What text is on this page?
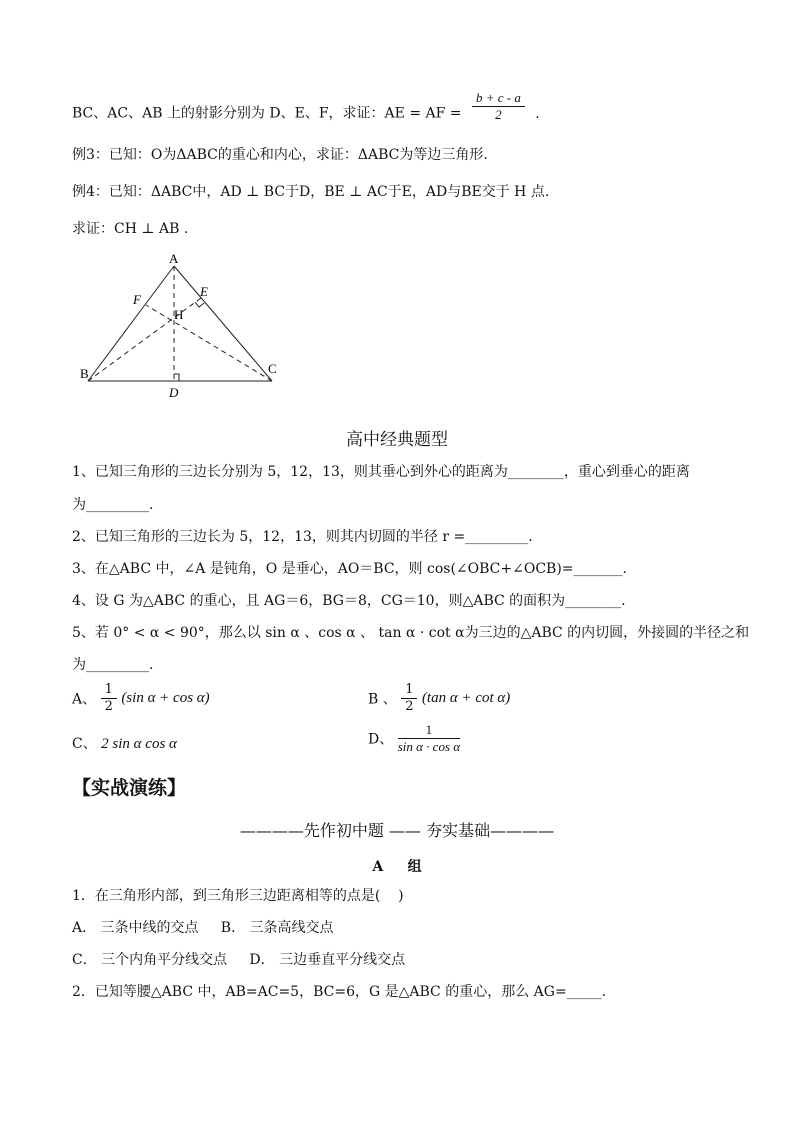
BC、AC、AB 上的射影分别为 D、E、F，求证：AE = AF = $\frac{b + c - a}{2}$ .
例3：已知：O为ΔABC的重心和内心，求证：ΔABC为等边三角形.
例4：已知：ΔABC中，AD ⊥ BC于D，BE ⊥ AC于E，AD与BE交于 H 点.
求证：CH ⊥ AB .
A
B	C
D
E
F
H
高中经典题型
1、已知三角形的三边长分别为 5，12，13，则其垂心到外心的距离为________，重心到垂心的距离
为_________.
2、已知三角形的三边长为 5，12，13，则其内切圆的半径 r =_________.
3、在△ABC 中，∠A 是钝角，O 是垂心，AO＝BC，则 cos(∠OBC+∠OCB)=_______.
4、设 G 为△ABC 的重心，且 AG＝6，BG＝8，CG＝10，则△ABC 的面积为________.
5、若 0° < α < 90°，那么以 sin α 、cos α 、 tan α · cot α为三边的△ABC 的内切圆，外接圆的半径之和
为_________.
A、 $\frac{1}{2} (\sin$ α + cos α)	B 、 $\frac{1}{2} (\tan$ α + cot α)
C、 2 sin α cos α	D、 $\frac{1}{\text{sin α · cos α}}$
【实战演练】
————先作初中题 —— 夯实基础————
A     组
1．在三角形内部，到三角形三边距离相等的点是(    )
A． 三条中线的交点     B． 三条高线交点
C． 三个内角平分线交点     D． 三边垂直平分线交点
2．已知等腰△ABC 中，AB=AC=5，BC=6，G 是△ABC 的重心，那么 AG=_____.
